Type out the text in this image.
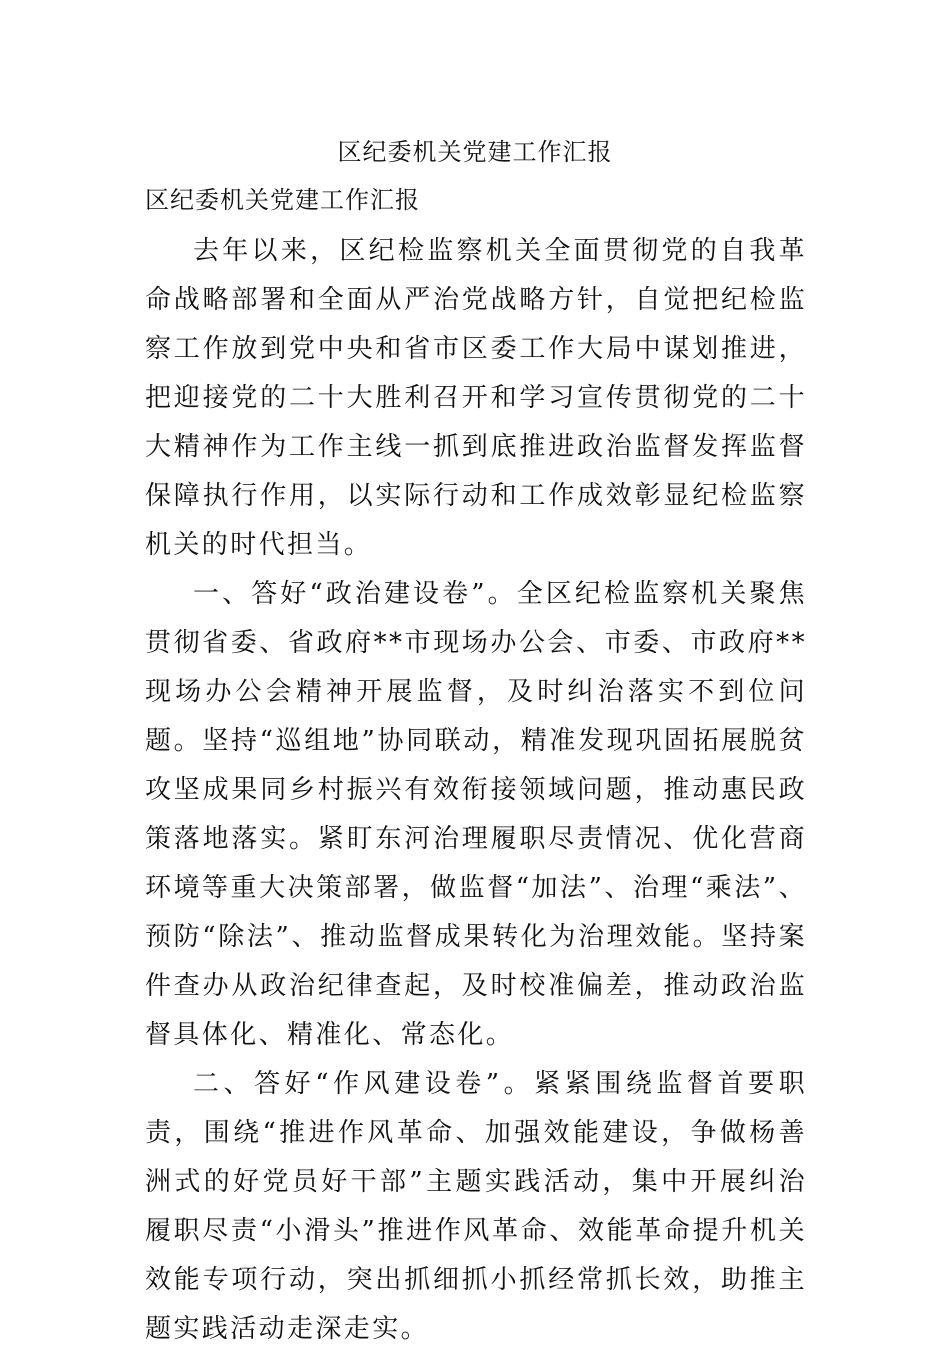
区纪委机关党建工作汇报
区纪委机关党建工作汇报

去年以来，区纪检监察机关全面贯彻党的自我革命战略部署和全面从严治党战略方针，自觉把纪检监察工作放到党中央和省市区委工作大局中谋划推进，把迎接党的二十大胜利召开和学习宣传贯彻党的二十大精神作为工作主线一抓到底推进政治监督发挥监督保障执行作用，以实际行动和工作成效彰显纪检监察机关的时代担当。

一、答好“政治建设卷”。全区纪检监察机关聚焦贯彻省委、省政府**市现场办公会、市委、市政府**现场办公会精神开展监督，及时纠治落实不到位问题。坚持“巡组地”协同联动，精准发现巩固拓展脱贫攻坚成果同乡村振兴有效衔接领域问题，推动惠民政策落地落实。紧盯东河治理履职尽责情况、优化营商环境等重大决策部署，做监督“加法”、治理“乘法”、预防“除法”、推动监督成果转化为治理效能。坚持案件查办从政治纪律查起，及时校准偏差，推动政治监督具体化、精准化、常态化。

二、答好“作风建设卷”。紧紧围绕监督首要职责，围绕“推进作风革命、加强效能建设，争做杨善洲式的好党员好干部”主题实践活动，集中开展纠治履职尽责“小滑头”推进作风革命、效能革命提升机关效能专项行动，突出抓细抓小抓经常抓长效，助推主题实践活动走深走实。
